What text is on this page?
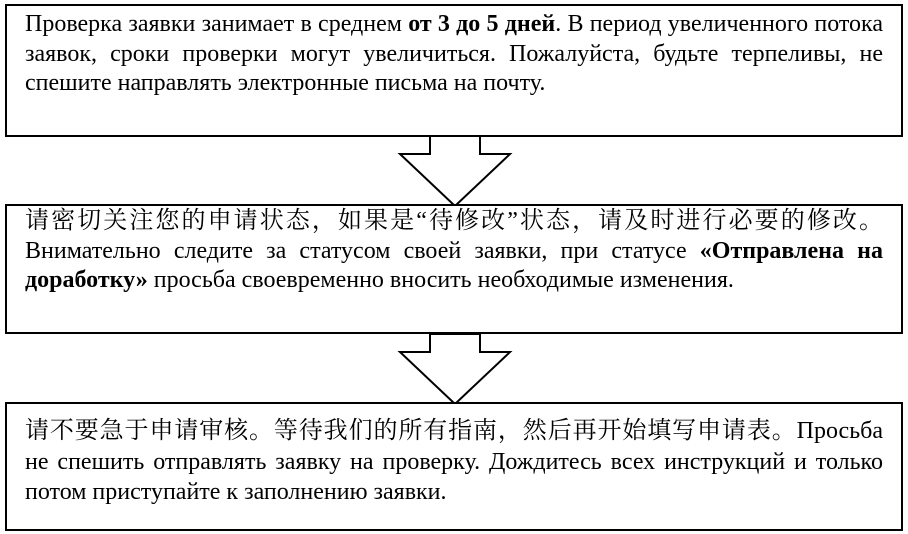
Проверка заявки занимает в среднем от 3 до 5 дней. В период увеличенного потока заявок, сроки проверки могут увеличиться. Пожалуйста, будьте терпеливы, не спешите направлять электронные письма на почту.
请密切关注您的申请状态，如果是“待修改”状态，请及时进行必要的修改。Внимательно следите за статусом своей заявки, при статусе «Отправлена на доработку» просьба своевременно вносить необходимые изменения.
请不要急于申请审核。等待我们的所有指南，然后再开始填写申请表。Просьба не спешить отправлять заявку на проверку. Дождитесь всех инструкций и только потом приступайте к заполнению заявки.
